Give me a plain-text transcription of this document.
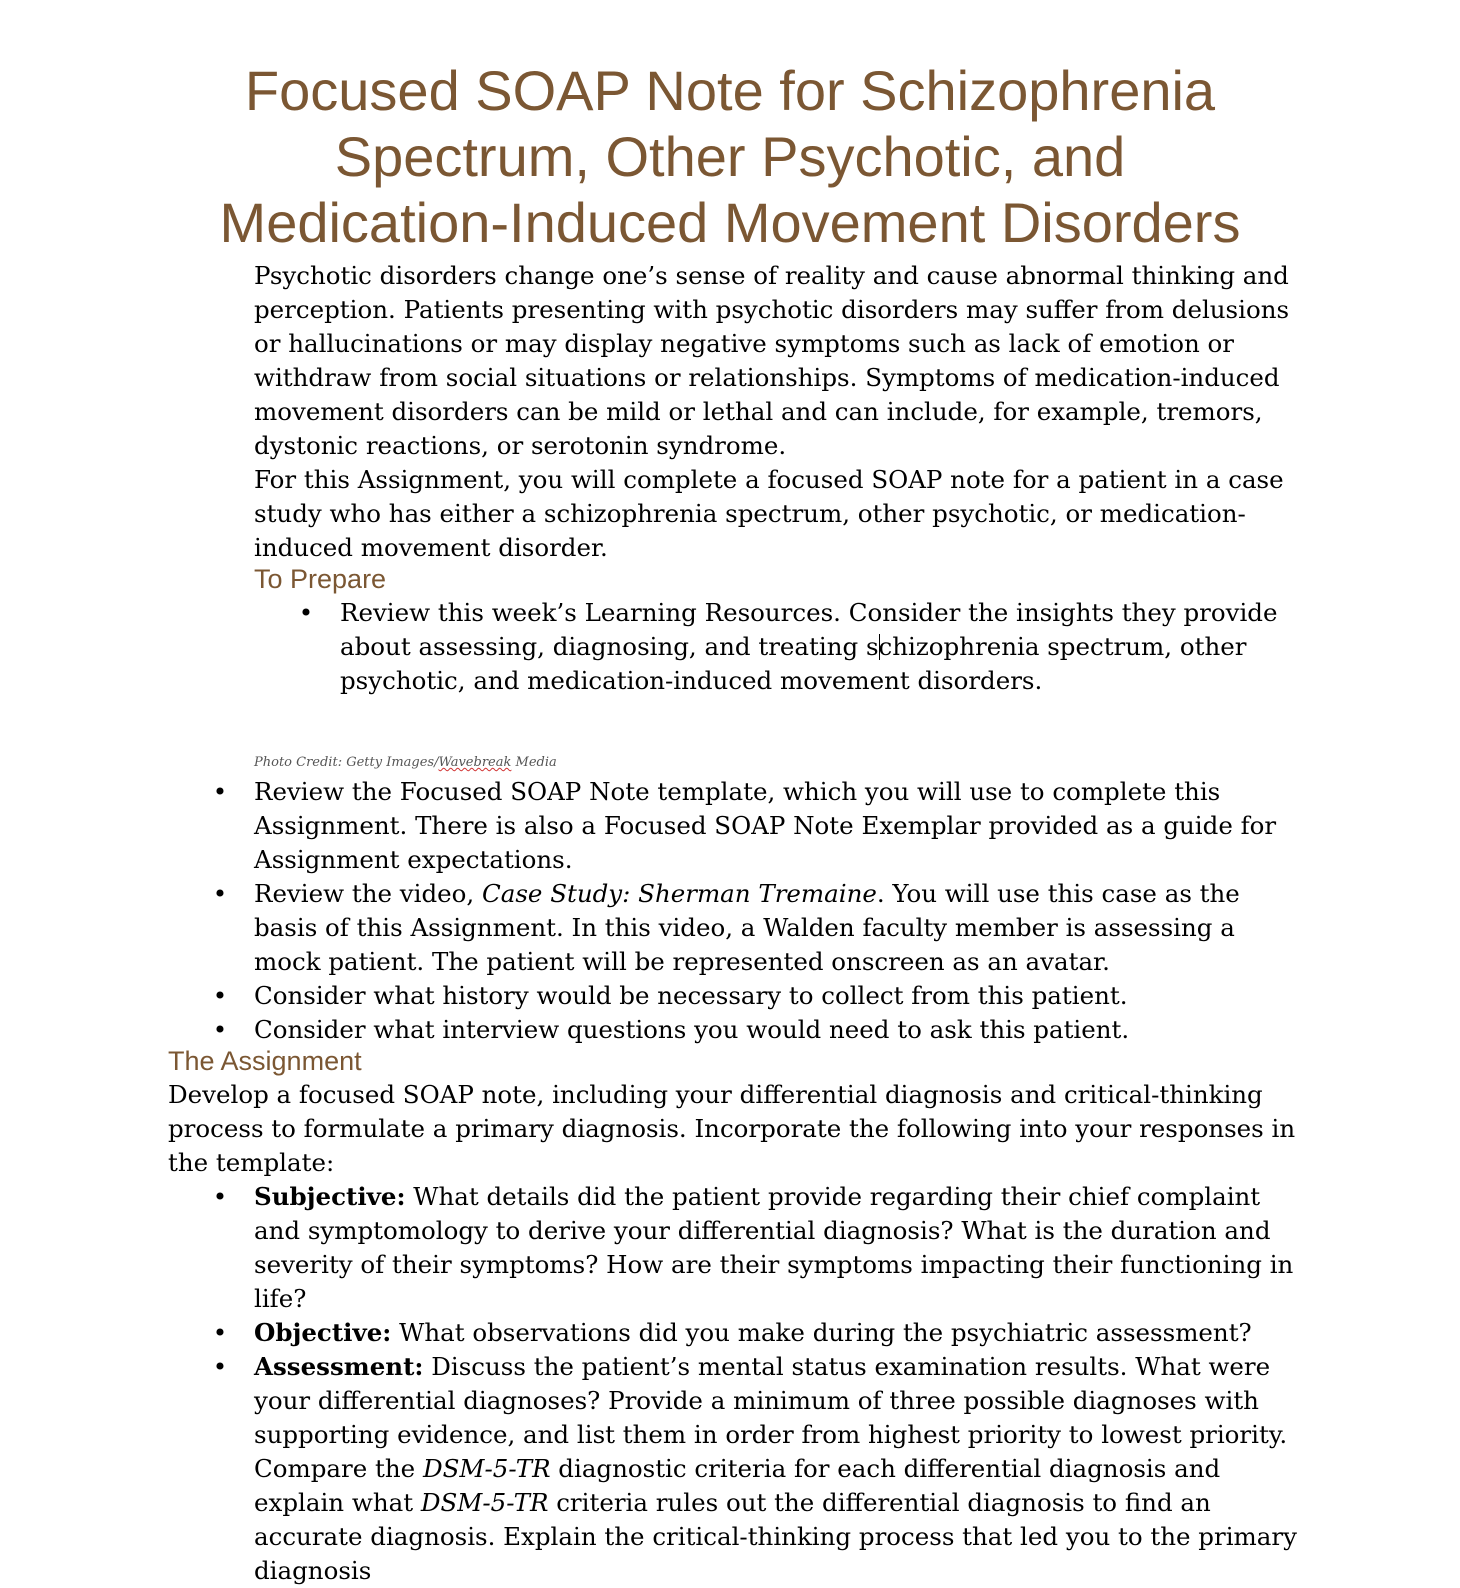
Focused SOAP Note for Schizophrenia
Spectrum, Other Psychotic, and
Medication-Induced Movement Disorders

Psychotic disorders change one’s sense of reality and cause abnormal thinking and perception. Patients presenting with psychotic disorders may suffer from delusions or hallucinations or may display negative symptoms such as lack of emotion or withdraw from social situations or relationships. Symptoms of medication-induced movement disorders can be mild or lethal and can include, for example, tremors, dystonic reactions, or serotonin syndrome.

For this Assignment, you will complete a focused SOAP note for a patient in a case study who has either a schizophrenia spectrum, other psychotic, or medication-induced movement disorder.

To Prepare
• Review this week’s Learning Resources. Consider the insights they provide about assessing, diagnosing, and treating schizophrenia spectrum, other psychotic, and medication-induced movement disorders.
Photo Credit: Getty Images/Wavebreak Media
• Review the Focused SOAP Note template, which you will use to complete this Assignment. There is also a Focused SOAP Note Exemplar provided as a guide for Assignment expectations.
• Review the video, Case Study: Sherman Tremaine. You will use this case as the basis of this Assignment. In this video, a Walden faculty member is assessing a mock patient. The patient will be represented onscreen as an avatar.
• Consider what history would be necessary to collect from this patient.
• Consider what interview questions you would need to ask this patient.
The Assignment

Develop a focused SOAP note, including your differential diagnosis and critical-thinking process to formulate a primary diagnosis. Incorporate the following into your responses in the template:

• Subjective: What details did the patient provide regarding their chief complaint and symptomology to derive your differential diagnosis? What is the duration and severity of their symptoms? How are their symptoms impacting their functioning in life?
• Objective: What observations did you make during the psychiatric assessment?
• Assessment: Discuss the patient’s mental status examination results. What were your differential diagnoses? Provide a minimum of three possible diagnoses with supporting evidence, and list them in order from highest priority to lowest priority. Compare the DSM-5-TR diagnostic criteria for each differential diagnosis and explain what DSM-5-TR criteria rules out the differential diagnosis to find an accurate diagnosis. Explain the critical-thinking process that led you to the primary diagnosis
